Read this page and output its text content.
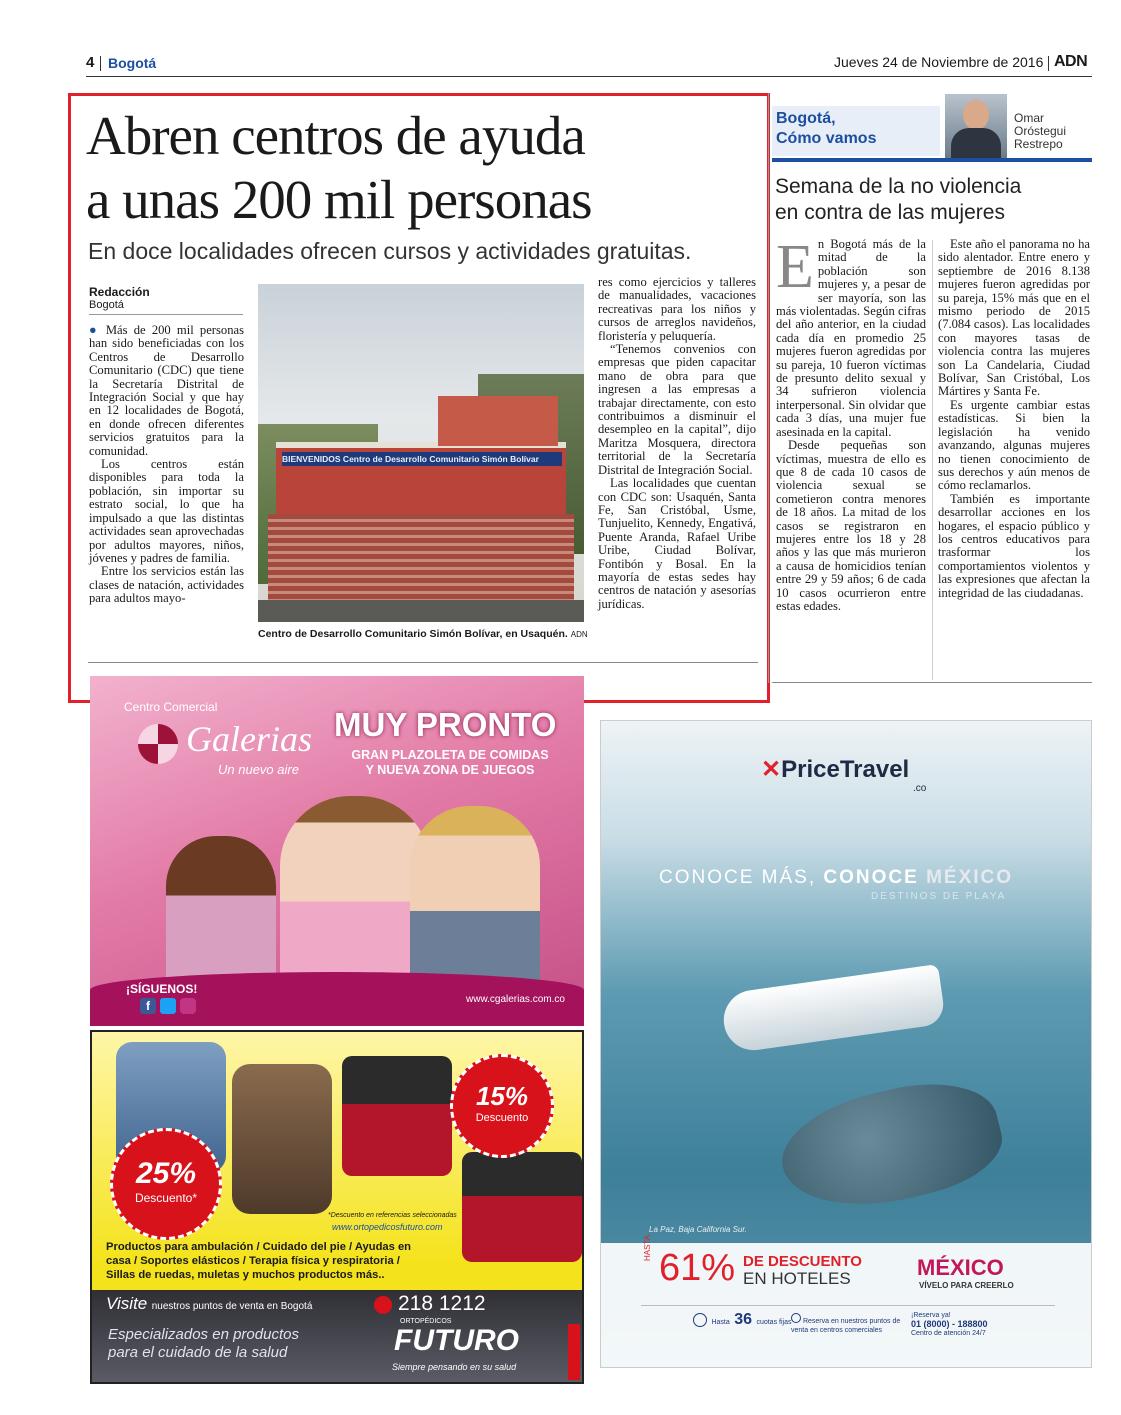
4 Bogotá	Jueves 24 de Noviembre de 2016 ADN
Abren centros de ayuda
a unas 200 mil personas
En doce localidades ofrecen cursos y actividades gratuitas.
Redacción
Bogotá

● Más de 200 mil personas han sido beneficiadas con los Centros de Desarrollo Comunitario (CDC) que tiene la Secretaría Distrital de Integración Social y que hay en 12 localidades de Bogotá, en donde ofrecen diferentes servicios gratuitos para la comunidad.

Los centros están disponibles para toda la población, sin importar su estrato social, lo que ha impulsado a que las distintas actividades sean aprovechadas por adultos mayores, niños, jóvenes y padres de familia.

Entre los servicios están las clases de natación, actividades para adultos mayo-

BIENVENIDOS Centro de Desarrollo Comunitario Simón Bolívar
Centro de Desarrollo Comunitario Simón Bolívar, en Usaquén. ADN

res como ejercicios y talleres de manualidades, vacaciones recreativas para los niños y cursos de arreglos navideños, floristería y peluquería.

“Tenemos convenios con empresas que piden capacitar mano de obra para que ingresen a las empresas a trabajar directamente, con esto contribuimos a disminuir el desempleo en la capital”, dijo Maritza Mosquera, directora territorial de la Secretaría Distrital de Integración Social.

Las localidades que cuentan con CDC son: Usaquén, Santa Fe, San Cristóbal, Usme, Tunjuelito, Kennedy, Engativá, Puente Aranda, Rafael Uribe Uribe, Ciudad Bolívar, Fontibón y Bosal. En la mayoría de estas sedes hay centros de natación y asesorías jurídicas.

Bogotá,
Cómo vamos
Omar
Oróstegui
Restrepo
Semana de la no violencia
en contra de las mujeres

En Bogotá más de la mitad de la población son mujeres y, a pesar de ser mayoría, son las más violentadas. Según cifras del año anterior, en la ciudad cada día en promedio 25 mujeres fueron agredidas por su pareja, 10 fueron víctimas de presunto delito sexual y 34 sufrieron violencia interpersonal. Sin olvidar que cada 3 días, una mujer fue asesinada en la capital.

Desde pequeñas son víctimas, muestra de ello es que 8 de cada 10 casos de violencia sexual se cometieron contra menores de 18 años. La mitad de los casos se registraron en mujeres entre los 18 y 28 años y las que más murieron a causa de homicidios tenían entre 29 y 59 años; 6 de cada 10 casos ocurrieron entre estas edades.

Este año el panorama no ha sido alentador. Entre enero y septiembre de 2016 8.138 mujeres fueron agredidas por su pareja, 15% más que en el mismo periodo de 2015 (7.084 casos). Las localidades con mayores tasas de violencia contra las mujeres son La Candelaria, Ciudad Bolívar, San Cristóbal, Los Mártires y Santa Fe.

Es urgente cambiar estas estadísticas. Si bien la legislación ha venido avanzando, algunas mujeres no tienen conocimiento de sus derechos y aún menos de cómo reclamarlos.

También es importante desarrollar acciones en los hogares, el espacio público y los centros educativos para trasformar los comportamientos violentos y las expresiones que afectan la integridad de las ciudadanas.

Centro Comercial
Galerias
Un nuevo aire
MUY PRONTO
GRAN PLAZOLETA DE COMIDAS
Y NUEVA ZONA DE JUEGOS
¡SÍGUENOS!
f	www.cgalerias.com.co
25%
Descuento*
15%
Descuento
*Descuento en referencias seleccionadas
www.ortopedicosfuturo.com
Productos para ambulación / Cuidado del pie / Ayudas en casa / Soportes elásticos / Terapia física y respiratoria / Sillas de ruedas, muletas y muchos productos más..
Visite nuestros puntos de venta en Bogotá	218 1212
Especializados en productos
para el cuidado de la salud
ORTOPÉDICOS
FUTURO
Siempre pensando en su salud
✕PriceTravel
.co
CONOCE MÁS, CONOCE MÉXICO
DESTINOS DE PLAYA
La Paz, Baja California Sur.
HASTA 61% DE DESCUENTO
EN HOTELES	MÉXICO
VÍVELO PARA CREERLO
Hasta 36 cuotas fijas	Reserva en nuestros puntos de venta en centros comerciales
¡Reserva ya!
01 (8000) - 188800
Centro de atención 24/7
